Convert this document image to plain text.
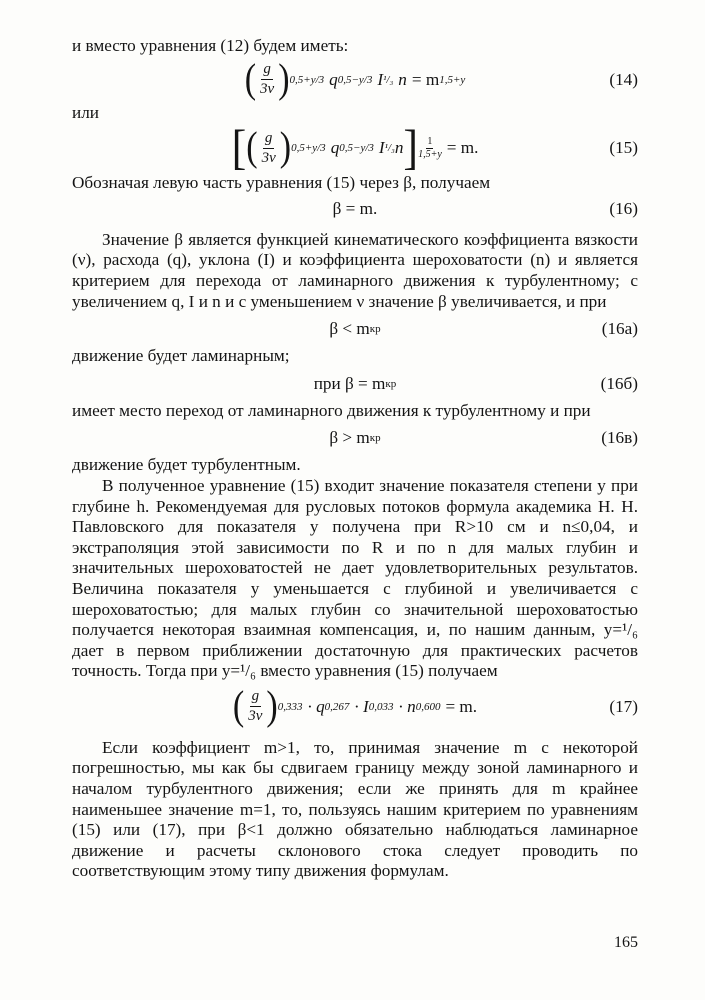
и вместо уравнения (12) будем иметь:

( $\frac{g}{3\nu}$ ) 0,5+y/3 q 0,5−y/3 I ¹/₃ n = m 1,5+y	(14)

или

[ ( $\frac{g}{3\nu}$ ) 0,5+y/3 q 0,5−y/3 I ¹/₃ n ] 1
1,5+y = m.	(15)

Обозначая левую часть уравнения (15) через β, получаем

β = m.	(16)

Значение β является функцией кинематического коэффициента вязкости (ν), расхода (q), уклона (I) и коэффициента шероховатости (n) и является критерием для перехода от ламинарного движения к турбулентному; с увеличением q, I и n и с уменьшением ν значение β увеличивается, и при

β < m кр	(16а)

движение будет ламинарным;

при β = m кр	(16б)

имеет место переход от ламинарного движения к турбулентному и при

β > m кр	(16в)

движение будет турбулентным.

В полученное уравнение (15) входит значение показателя степени y при глубине h. Рекомендуемая для русловых потоков формула академика Н. Н. Павловского для показателя y получена при R>10 см и n≤0,04, и экстраполяция этой зависимости по R и по n для малых глубин и значительных шероховатостей не дает удовлетворительных результатов. Величина показателя y уменьшается с глубиной и увеличивается с шероховатостью; для малых глубин со значительной шероховатостью получается некоторая взаимная компенсация, и, по нашим данным, y=¹/₆ дает в первом приближении достаточную для практических расчетов точность. Тогда при y=¹/₆ вместо уравнения (15) получаем

( $\frac{g}{3\nu}$ ) 0,333 · q 0,267 · I 0,033 · n 0,600 = m.	(17)

Если коэффициент m>1, то, принимая значение m с некоторой погрешностью, мы как бы сдвигаем границу между зоной ламинарного и началом турбулентного движения; если же принять для m крайнее наименьшее значение m=1, то, пользуясь нашим критерием по уравнениям (15) или (17), при β<1 должно обязательно наблюдаться ламинарное движение и расчеты склонового стока следует проводить по соответствующим этому типу движения формулам.

165
